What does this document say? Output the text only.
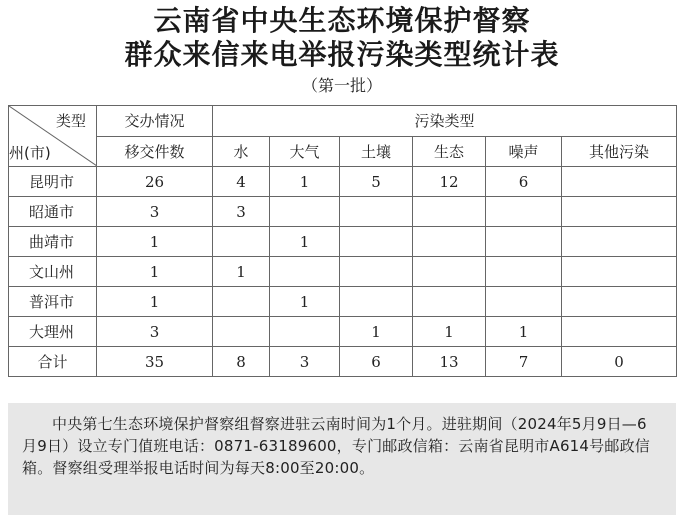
云南省中央生态环境保护督察
群众来信来电举报污染类型统计表
（第一批）
类型
州(市)	交办情况	污染类型					
	移交件数	水	大气	土壤	生态	噪声	其他污染
昆明市	26	4	1	5	12	6	
昭通市	3	3					
曲靖市	1		1				
文山州	1	1					
普洱市	1		1				
大理州	3			1	1	1	
合计	35	8	3	6	13	7	0

中央第七生态环境保护督察组督察进驻云南时间为1个月。进驻期间（2024年5月9日—6月9日）设立专门值班电话：0871-63189600，专门邮政信箱：云南省昆明市A614号邮政信箱。督察组受理举报电话时间为每天8:00至20:00。
